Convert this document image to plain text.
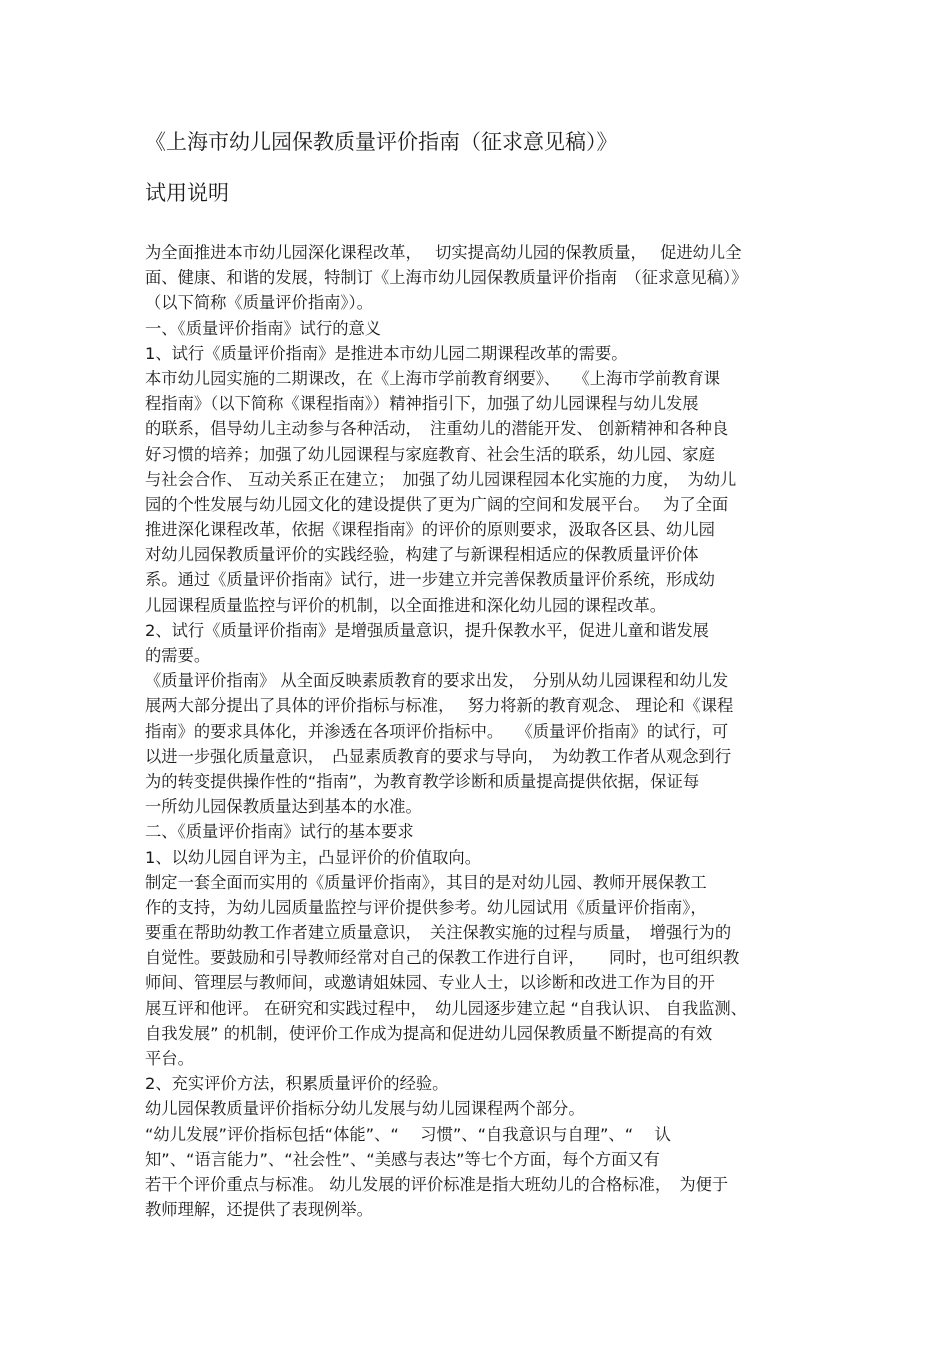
《上海市幼儿园保教质量评价指南（征求意见稿）》
试用说明
为全面推进本市幼儿园深化课程改革，　 切实提高幼儿园的保教质量，　 促进幼儿全
面、健康、和谐的发展，特制订《上海市幼儿园保教质量评价指南　（征求意见稿）》
（以下简称《质量评价指南》）。
一、《质量评价指南》试行的意义
1、试行《质量评价指南》是推进本市幼儿园二期课程改革的需要。
本市幼儿园实施的二期课改，在《上海市学前教育纲要》、　 《上海市学前教育课
程指南》（以下简称《课程指南》）精神指引下，加强了幼儿园课程与幼儿发展
的联系，倡导幼儿主动参与各种活动，　注重幼儿的潜能开发、 创新精神和各种良
好习惯的培养；加强了幼儿园课程与家庭教育、社会生活的联系，幼儿园、家庭
与社会合作、 互动关系正在建立；　加强了幼儿园课程园本化实施的力度，　为幼儿
园的个性发展与幼儿园文化的建设提供了更为广阔的空间和发展平台。　 为了全面
推进深化课程改革，依据《课程指南》的评价的原则要求，汲取各区县、幼儿园
对幼儿园保教质量评价的实践经验，构建了与新课程相适应的保教质量评价体
系。通过《质量评价指南》试行，进一步建立并完善保教质量评价系统，形成幼
儿园课程质量监控与评价的机制，以全面推进和深化幼儿园的课程改革。
2、试行《质量评价指南》是增强质量意识，提升保教水平，促进儿童和谐发展
的需要。
《质量评价指南》 从全面反映素质教育的要求出发，　分别从幼儿园课程和幼儿发
展两大部分提出了具体的评价指标与标准，　 努力将新的教育观念、 理论和《课程
指南》的要求具体化，并渗透在各项评价指标中。　 《质量评价指南》的试行，可
以进一步强化质量意识，　凸显素质教育的要求与导向，　为幼教工作者从观念到行
为的转变提供操作性的“指南”，为教育教学诊断和质量提高提供依据，保证每
一所幼儿园保教质量达到基本的水准。
二、《质量评价指南》试行的基本要求
1、以幼儿园自评为主，凸显评价的价值取向。
制定一套全面而实用的《质量评价指南》，其目的是对幼儿园、教师开展保教工
作的支持，为幼儿园质量监控与评价提供参考。幼儿园试用《质量评价指南》，
要重在帮助幼教工作者建立质量意识，　关注保教实施的过程与质量，　增强行为的
自觉性。要鼓励和引导教师经常对自己的保教工作进行自评，　　同时，也可组织教
师间、管理层与教师间，或邀请姐妹园、专业人士，以诊断和改进工作为目的开
展互评和他评。 在研究和实践过程中，　幼儿园逐步建立起 “自我认识、 自我监测、
自我发展” 的机制，使评价工作成为提高和促进幼儿园保教质量不断提高的有效
平台。
2、充实评价方法，积累质量评价的经验。
幼儿园保教质量评价指标分幼儿发展与幼儿园课程两个部分。
“幼儿发展”评价指标包括“体能”、“　 习惯”、“自我意识与自理”、“　 认
知”、“语言能力”、“社会性”、“美感与表达”等七个方面，每个方面又有
若干个评价重点与标准。 幼儿发展的评价标准是指大班幼儿的合格标准，　为便于
教师理解，还提供了表现例举。
